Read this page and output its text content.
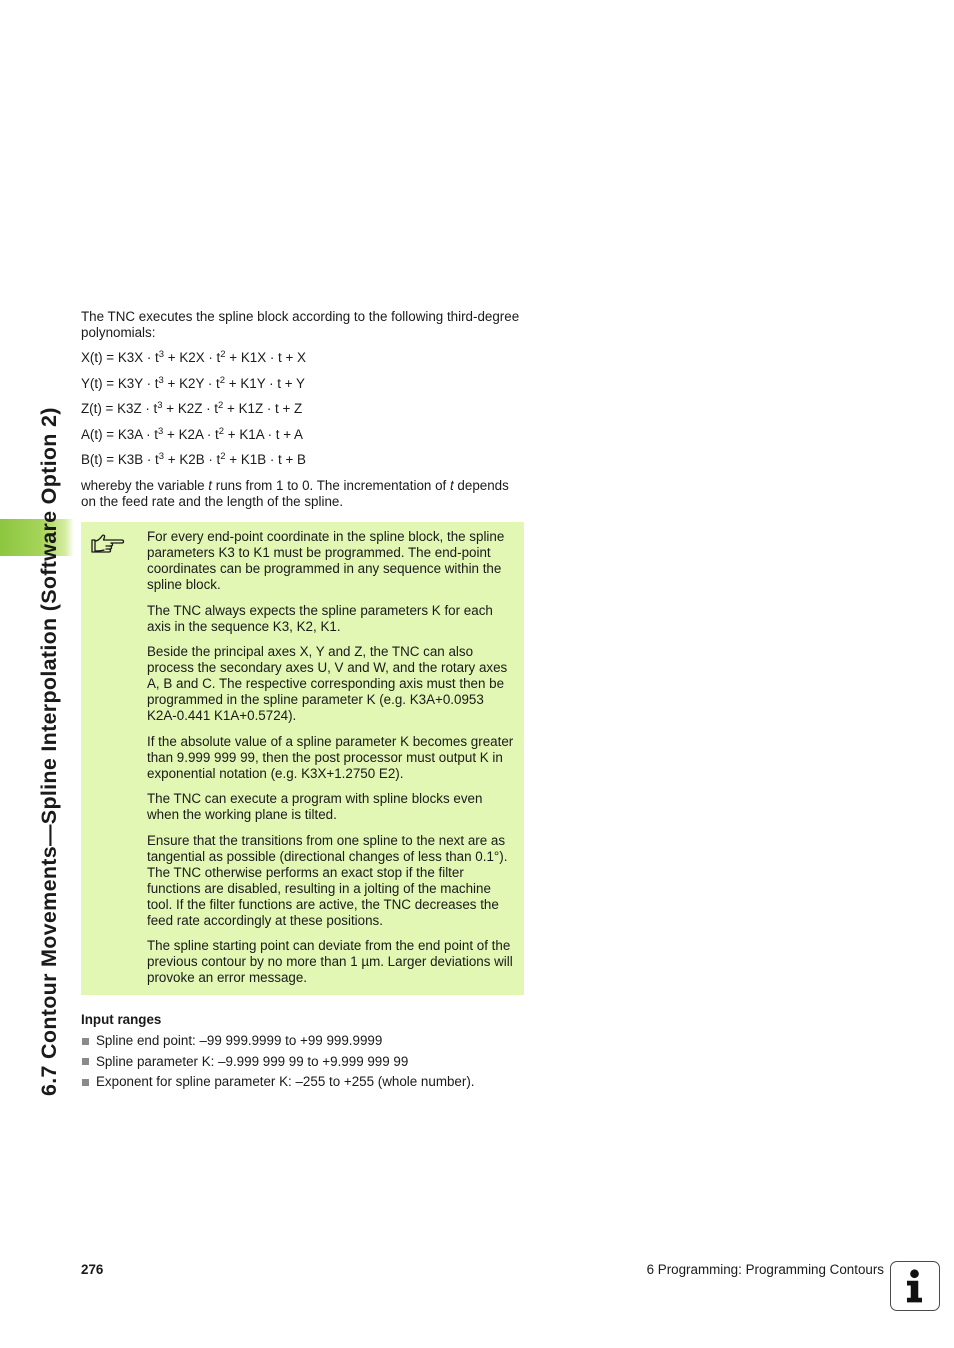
6.7 Contour Movements—Spline Interpolation (Software Option 2)

The TNC executes the spline block according to the following third-degree polynomials:

$X(t) = K3X \cdot t^3 + K2X \cdot t^2 + K1X \cdot t + X$
$Y(t) = K3Y \cdot t^3 + K2Y \cdot t^2 + K1Y \cdot t + Y$
$Z(t) = K3Z \cdot t^3 + K2Z \cdot t^2 + K1Z \cdot t + Z$
$A(t) = K3A \cdot t^3 + K2A \cdot t^2 + K1A \cdot t + A$
$B(t) = K3B \cdot t^3 + K2B \cdot t^2 + K1B \cdot t + B$

whereby the variable t runs from 1 to 0. The incrementation of t depends on the feed rate and the length of the spline.

For every end-point coordinate in the spline block, the spline parameters K3 to K1 must be programmed. The end-point coordinates can be programmed in any sequence within the spline block.

The TNC always expects the spline parameters K for each axis in the sequence K3, K2, K1.

Beside the principal axes X, Y and Z, the TNC can also process the secondary axes U, V and W, and the rotary axes A, B and C. The respective corresponding axis must then be programmed in the spline parameter K (e.g. K3A+0.0953 K2A-0.441 K1A+0.5724).

If the absolute value of a spline parameter K becomes greater than 9.999 999 99, then the post processor must output K in exponential notation (e.g. K3X+1.2750 E2).

The TNC can execute a program with spline blocks even when the working plane is tilted.

Ensure that the transitions from one spline to the next are as tangential as possible (directional changes of less than 0.1°). The TNC otherwise performs an exact stop if the filter functions are disabled, resulting in a jolting of the machine tool. If the filter functions are active, the TNC decreases the feed rate accordingly at these positions.

The spline starting point can deviate from the end point of the previous contour by no more than 1 µm. Larger deviations will provoke an error message.

Input ranges
Spline end point: –99 999.9999 to +99 999.9999
Spline parameter K: –9.999 999 99 to +9.999 999 99
Exponent for spline parameter K: –255 to +255 (whole number).
276	6 Programming: Programming Contours
